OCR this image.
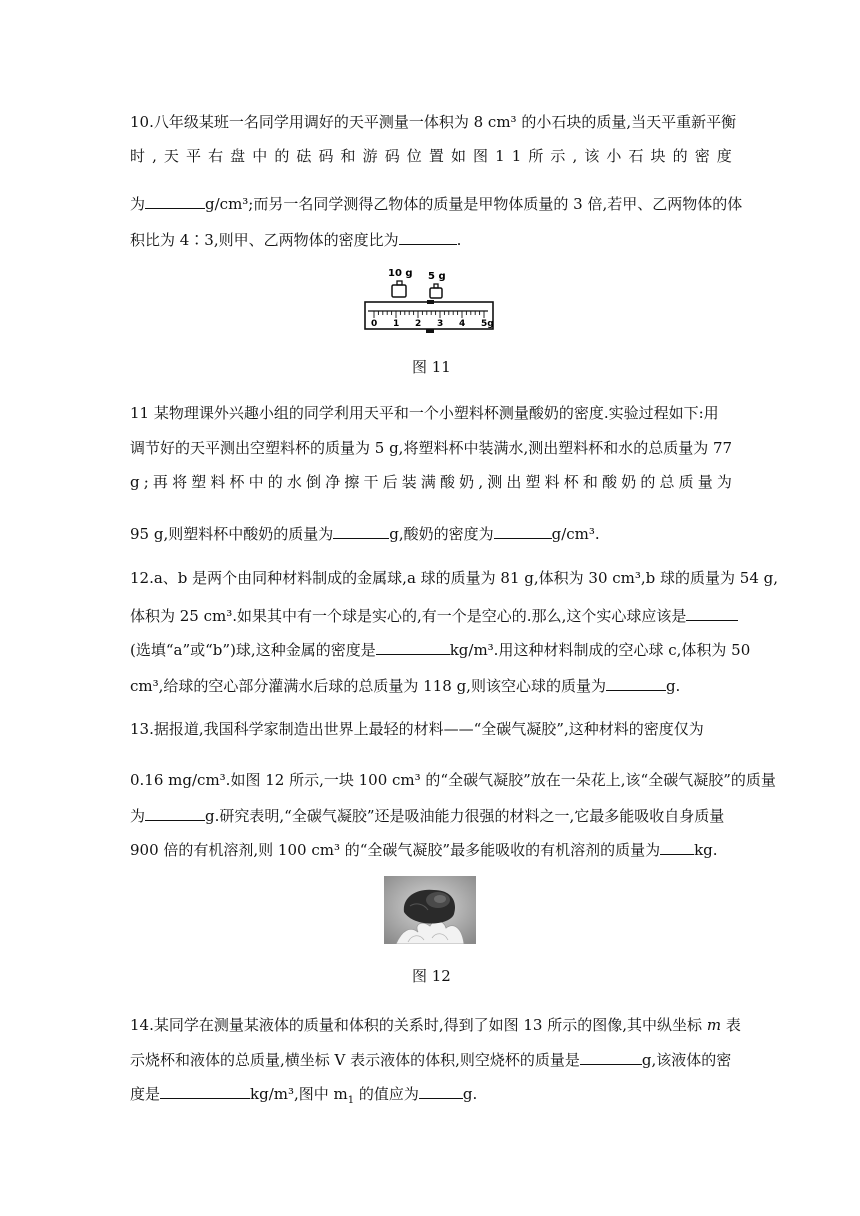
10.八年级某班一名同学用调好的天平测量一体积为 8 cm³ 的小石块的质量,当天平重新平衡
时 , 天 平 右 盘 中 的 砝 码 和 游 码 位 置 如 图 1 1 所 示 , 该 小 石 块 的 密 度
为	g/cm³;而另一名同学测得乙物体的质量是甲物体质量的 3 倍,若甲、乙两物体的体
积比为 4∶3,则甲、乙两物体的密度比为	.
10 g 5 g
0 1 2 3 4 5g
图 11
11 某物理课外兴趣小组的同学利用天平和一个小塑料杯测量酸奶的密度.实验过程如下:用
调节好的天平测出空塑料杯的质量为 5 g,将塑料杯中装满水,测出塑料杯和水的总质量为 77
g ; 再 将 塑 料 杯 中 的 水 倒 净 擦 干 后 装 满 酸 奶 , 测 出 塑 料 杯 和 酸 奶 的 总 质 量 为
95 g,则塑料杯中酸奶的质量为	g,酸奶的密度为	g/cm³.
12.a、b 是两个由同种材料制成的金属球,a 球的质量为 81 g,体积为 30 cm³,b 球的质量为 54 g,
体积为 25 cm³.如果其中有一个球是实心的,有一个是空心的.那么,这个实心球应该是
(选填“a”或“b”)球,这种金属的密度是	kg/m³.用这种材料制成的空心球 c,体积为 50
cm³,给球的空心部分灌满水后球的总质量为 118 g,则该空心球的质量为	g.
13.据报道,我国科学家制造出世界上最轻的材料——“全碳气凝胶”,这种材料的密度仅为
0.16 mg/cm³.如图 12 所示,一块 100 cm³ 的“全碳气凝胶”放在一朵花上,该“全碳气凝胶”的质量
为	g.研究表明,“全碳气凝胶”还是吸油能力很强的材料之一,它最多能吸收自身质量
900 倍的有机溶剂,则 100 cm³ 的“全碳气凝胶”最多能吸收的有机溶剂的质量为 kg.
图 12
14.某同学在测量某液体的质量和体积的关系时,得到了如图 13 所示的图像,其中纵坐标 m 表
示烧杯和液体的总质量,横坐标 V 表示液体的体积,则空烧杯的质量是	g,该液体的密
度是	kg/m³,图中 $m_1$ 的值应为	g.
